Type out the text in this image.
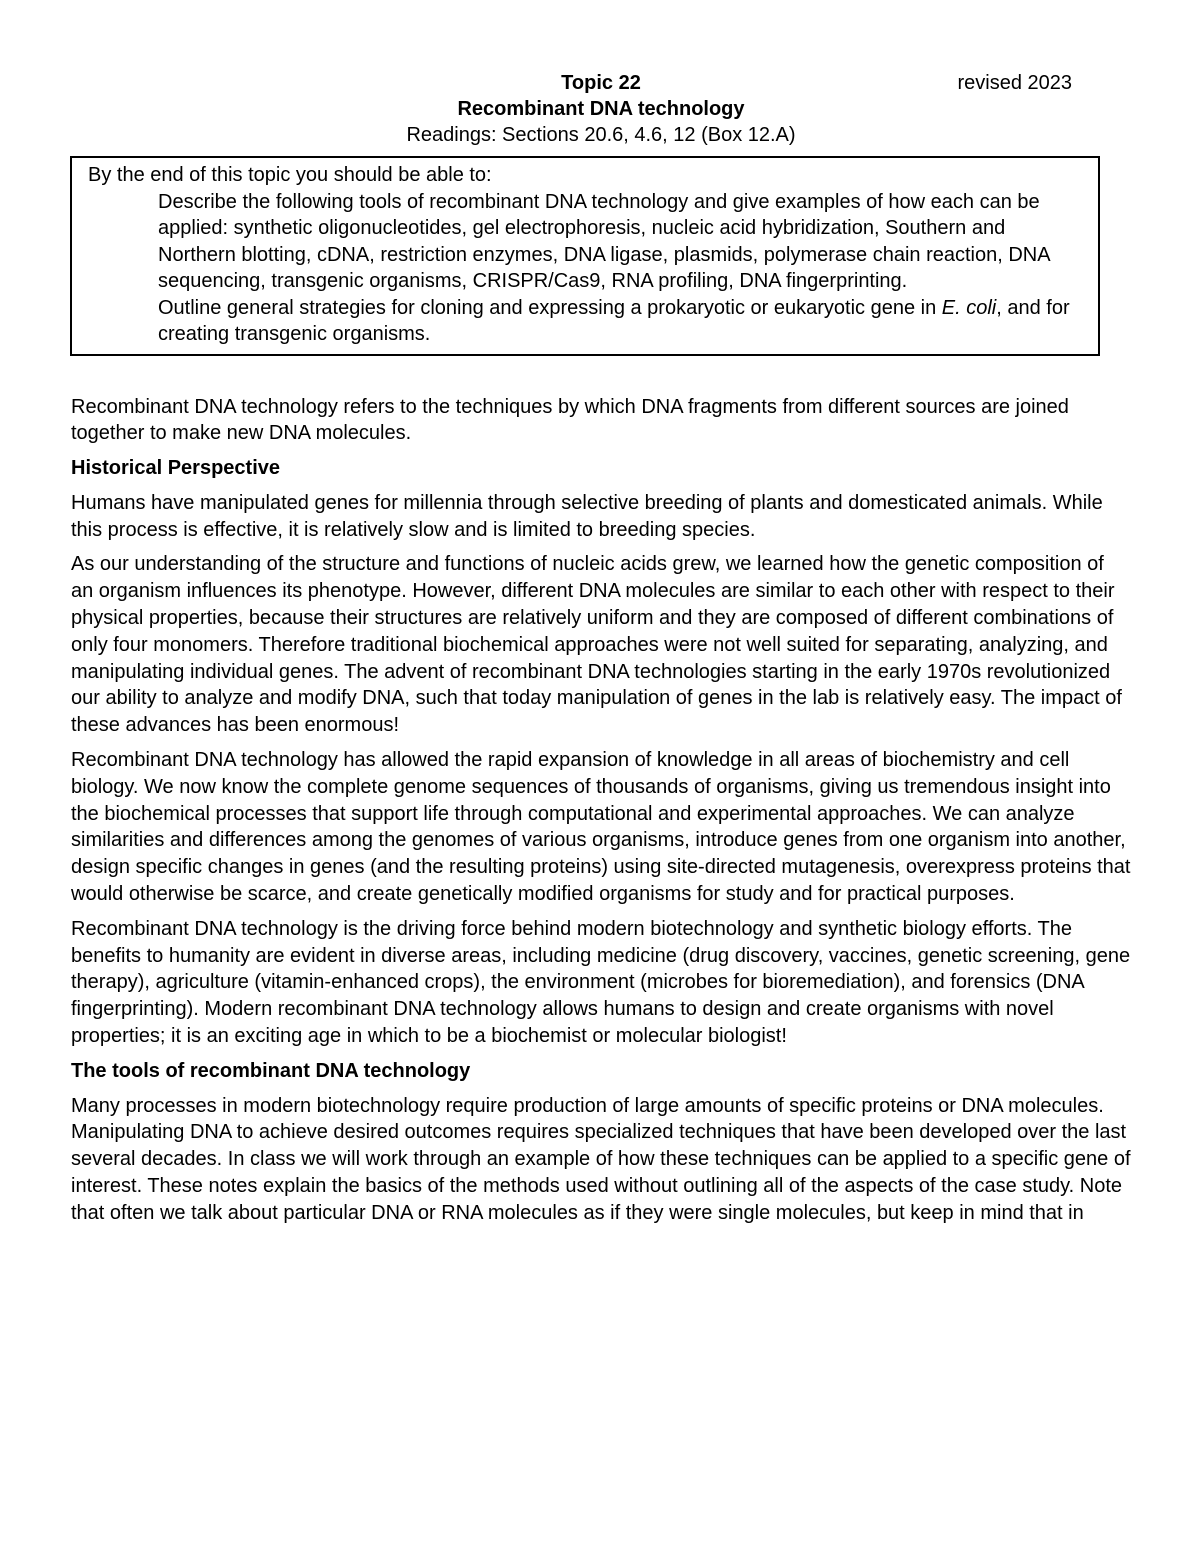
Topic 22	revised 2023
Recombinant DNA technology
Readings: Sections 20.6, 4.6, 12 (Box 12.A)
By the end of this topic you should be able to:
Describe the following tools of recombinant DNA technology and give examples of how each can be applied: synthetic oligonucleotides, gel electrophoresis, nucleic acid hybridization, Southern and Northern blotting, cDNA, restriction enzymes, DNA ligase, plasmids, polymerase chain reaction, DNA sequencing, transgenic organisms, CRISPR/Cas9, RNA profiling, DNA fingerprinting.
Outline general strategies for cloning and expressing a prokaryotic or eukaryotic gene in E. coli, and for creating transgenic organisms.

Recombinant DNA technology refers to the techniques by which DNA fragments from different sources are joined together to make new DNA molecules.

Historical Perspective

Humans have manipulated genes for millennia through selective breeding of plants and domesticated animals. While this process is effective, it is relatively slow and is limited to breeding species.

As our understanding of the structure and functions of nucleic acids grew, we learned how the genetic composition of an organism influences its phenotype. However, different DNA molecules are similar to each other with respect to their physical properties, because their structures are relatively uniform and they are composed of different combinations of only four monomers. Therefore traditional biochemical approaches were not well suited for separating, analyzing, and manipulating individual genes. The advent of recombinant DNA technologies starting in the early 1970s revolutionized our ability to analyze and modify DNA, such that today manipulation of genes in the lab is relatively easy. The impact of these advances has been enormous!

Recombinant DNA technology has allowed the rapid expansion of knowledge in all areas of biochemistry and cell biology. We now know the complete genome sequences of thousands of organisms, giving us tremendous insight into the biochemical processes that support life through computational and experimental approaches. We can analyze similarities and differences among the genomes of various organisms, introduce genes from one organism into another, design specific changes in genes (and the resulting proteins) using site-directed mutagenesis, overexpress proteins that would otherwise be scarce, and create genetically modified organisms for study and for practical purposes.

Recombinant DNA technology is the driving force behind modern biotechnology and synthetic biology efforts. The benefits to humanity are evident in diverse areas, including medicine (drug discovery, vaccines, genetic screening, gene therapy), agriculture (vitamin-enhanced crops), the environment (microbes for bioremediation), and forensics (DNA fingerprinting). Modern recombinant DNA technology allows humans to design and create organisms with novel properties; it is an exciting age in which to be a biochemist or molecular biologist!

The tools of recombinant DNA technology

Many processes in modern biotechnology require production of large amounts of specific proteins or DNA molecules. Manipulating DNA to achieve desired outcomes requires specialized techniques that have been developed over the last several decades. In class we will work through an example of how these techniques can be applied to a specific gene of interest. These notes explain the basics of the methods used without outlining all of the aspects of the case study. Note that often we talk about particular DNA or RNA molecules as if they were single molecules, but keep in mind that in
